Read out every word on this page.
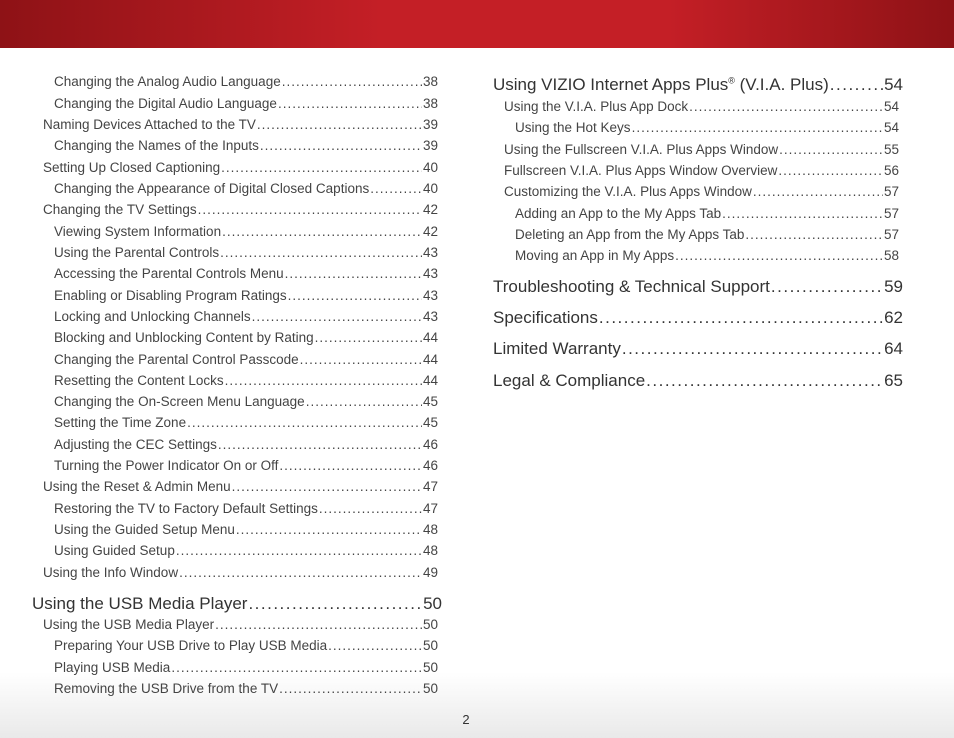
Changing the Analog Audio Language .....	38
Changing the Digital Audio Language .....	38
Naming Devices Attached to the TV .....	39
Changing the Names of the Inputs .....	39
Setting Up Closed Captioning .....	40
Changing the Appearance of Digital Closed Captions .....	40
Changing the TV Settings .....	42
Viewing System Information .....	42
Using the Parental Controls .....	43
Accessing the Parental Controls Menu .....	43
Enabling or Disabling Program Ratings .....	43
Locking and Unlocking Channels .....	43
Blocking and Unblocking Content by Rating .....	44
Changing the Parental Control Passcode .....	44
Resetting the Content Locks .....	44
Changing the On-Screen Menu Language .....	45
Setting the Time Zone .....	45
Adjusting the CEC Settings .....	46
Turning the Power Indicator On or Off .....	46
Using the Reset & Admin Menu .....	47
Restoring the TV to Factory Default Settings .....	47
Using the Guided Setup Menu .....	48
Using Guided Setup .....	48
Using the Info Window .....	49
Using the USB Media Player .....	50
Using the USB Media Player .....	50
Preparing Your USB Drive to Play USB Media .....	50
Playing USB Media .....	50
Removing the USB Drive from the TV .....	50
Using VIZIO Internet Apps Plus® (V.I.A. Plus) .....	54
Using the V.I.A. Plus App Dock .....	54
Using the Hot Keys .....	54
Using the Fullscreen V.I.A. Plus Apps Window .....	55
Fullscreen V.I.A. Plus Apps Window Overview .....	56
Customizing the V.I.A. Plus Apps Window .....	57
Adding an App to the My Apps Tab .....	57
Deleting an App from the My Apps Tab .....	57
Moving an App in My Apps .....	58
Troubleshooting & Technical Support .....	59
Specifications .....	62
Limited Warranty .....	64
Legal & Compliance .....	65
2
